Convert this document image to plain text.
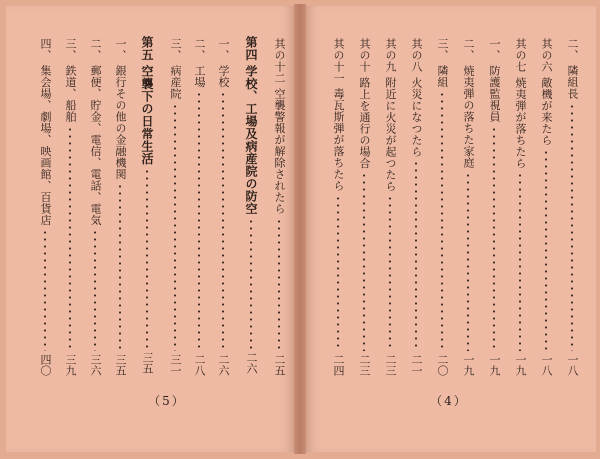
二、
隣組長
一八
其の六
敵機が来たら
一八
其の七
焼夷弾が落ちたら
一九
一、
防護監視員
一九
二、
焼夷弾の落ちた家庭
一九
三、
隣組
二〇
其の八
火災になつたら
二一
其の九
附近に火災が起つたら
二三
其の十
路上を通行の場合
二三
其の十一
毒瓦斯弾が落ちたら
二四
（4）
其の十二
空襲警報が解除されたら
二五
第四
学校、工場及病産院の防空
二六
一、
学校
二六
二、
工場
二八
三、
病産院
三一
第五
空襲下の日常生活
三五
一、
銀行その他の金融機関
三五
二、
郵便、貯金、電信、電話、電気
三六
三、
鉄道、船舶
三九
四、
集会場、劇場、映画館、百貨店
四〇
（5）
